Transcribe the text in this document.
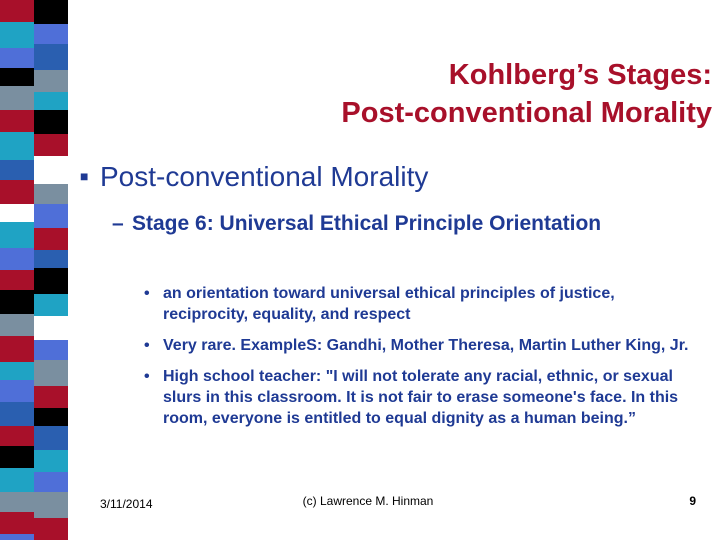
Kohlberg’s Stages:
Post-conventional Morality
■ Post-conventional Morality
– Stage 6: Universal Ethical Principle Orientation
• an orientation toward universal ethical principles of justice, reciprocity, equality, and respect
• Very rare. ExampleS: Gandhi, Mother Theresa, Martin Luther King, Jr.
• High school teacher: "I will not tolerate any racial, ethnic, or sexual slurs in this classroom. It is not fair to erase someone's face. In this room, everyone is entitled to equal dignity as a human being.”
3/11/2014	(c) Lawrence M. Hinman	9
